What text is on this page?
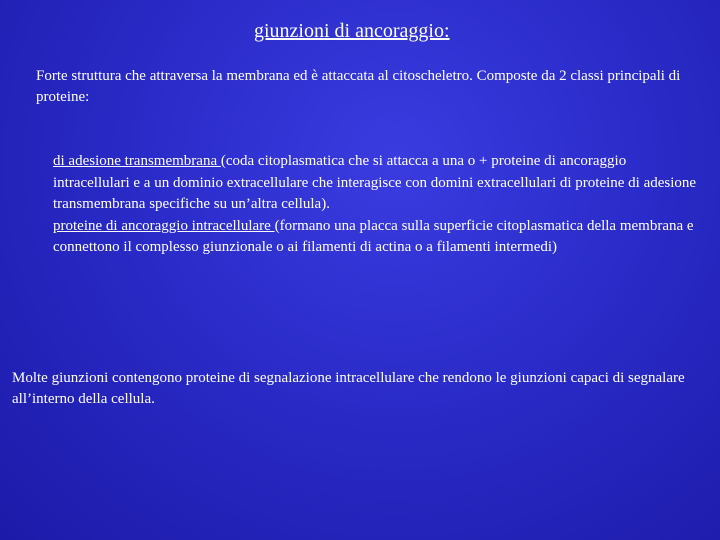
giunzioni di ancoraggio:
Forte struttura che attraversa la membrana ed è attaccata al citoscheletro. Composte da 2 classi principali di proteine:

di adesione transmembrana (coda citoplasmatica che si attacca a una o + proteine di ancoraggio intracellulari e a un dominio extracellulare che interagisce con domini extracellulari di proteine di adesione transmembrana specifiche su un’altra cellula).

proteine di ancoraggio intracellulare (formano una placca sulla superficie citoplasmatica della membrana e connettono il complesso giunzionale o ai filamenti di actina o a filamenti intermedi)

Molte giunzioni contengono proteine di segnalazione intracellulare che rendono le giunzioni capaci di segnalare all’interno della cellula.
